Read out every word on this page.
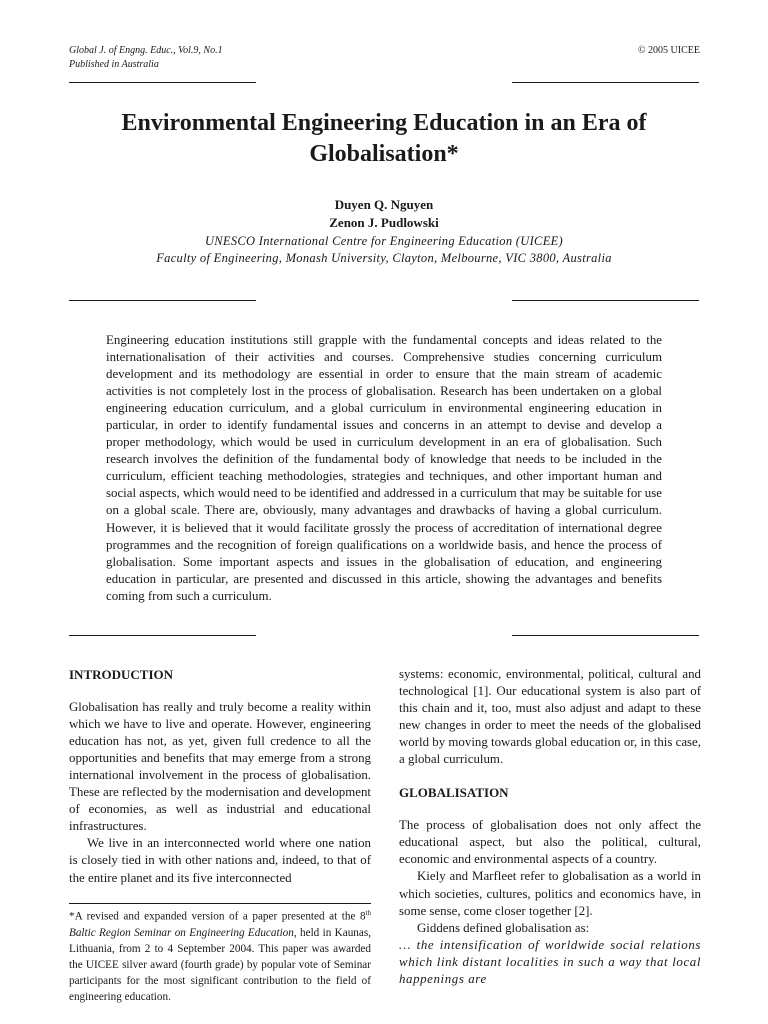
Global J. of Engng. Educ., Vol.9, No.1
Published in Australia
© 2005 UICEE
Environmental Engineering Education in an Era of
Globalisation*
Duyen Q. Nguyen
Zenon J. Pudlowski
UNESCO International Centre for Engineering Education (UICEE)
Faculty of Engineering, Monash University, Clayton, Melbourne, VIC 3800, Australia

Engineering education institutions still grapple with the fundamental concepts and ideas related to the internationalisation of their activities and courses. Comprehensive studies concerning curriculum development and its methodology are essential in order to ensure that the main stream of academic activities is not completely lost in the process of globalisation. Research has been undertaken on a global engineering education curriculum, and a global curriculum in environmental engineering education in particular, in order to identify fundamental issues and concerns in an attempt to devise and develop a proper methodology, which would be used in curriculum development in an era of globalisation. Such research involves the definition of the fundamental body of knowledge that needs to be included in the curriculum, efficient teaching methodologies, strategies and techniques, and other important human and social aspects, which would need to be identified and addressed in a curriculum that may be suitable for use on a global scale. There are, obviously, many advantages and drawbacks of having a global curriculum. However, it is believed that it would facilitate grossly the process of accreditation of international degree programmes and the recognition of foreign qualifications on a worldwide basis, and hence the process of globalisation. Some important aspects and issues in the globalisation of education, and engineering education in particular, are presented and discussed in this article, showing the advantages and benefits coming from such a curriculum.

INTRODUCTION

Globalisation has really and truly become a reality within which we have to live and operate. However, engineering education has not, as yet, given full credence to all the opportunities and benefits that may emerge from a strong international involvement in the process of globalisation. These are reflected by the modernisation and development of economies, as well as industrial and educational infrastructures.

We live in an interconnected world where one nation is closely tied in with other nations and, indeed, to that of the entire planet and its five interconnected

*A revised and expanded version of a paper presented at the 8th Baltic Region Seminar on Engineering Education, held in Kaunas, Lithuania, from 2 to 4 September 2004. This paper was awarded the UICEE silver award (fourth grade) by popular vote of Seminar participants for the most significant contribution to the field of engineering education.

systems: economic, environmental, political, cultural and technological [1]. Our educational system is also part of this chain and it, too, must also adjust and adapt to these new changes in order to meet the needs of the globalised world by moving towards global education or, in this case, a global curriculum.

GLOBALISATION

The process of globalisation does not only affect the educational aspect, but also the political, cultural, economic and environmental aspects of a country.

Kiely and Marfleet refer to globalisation as a world in which societies, cultures, politics and economics have, in some sense, come closer together [2].

Giddens defined globalisation as:

… the intensification of worldwide social relations which link distant localities in such a way that local happenings are
